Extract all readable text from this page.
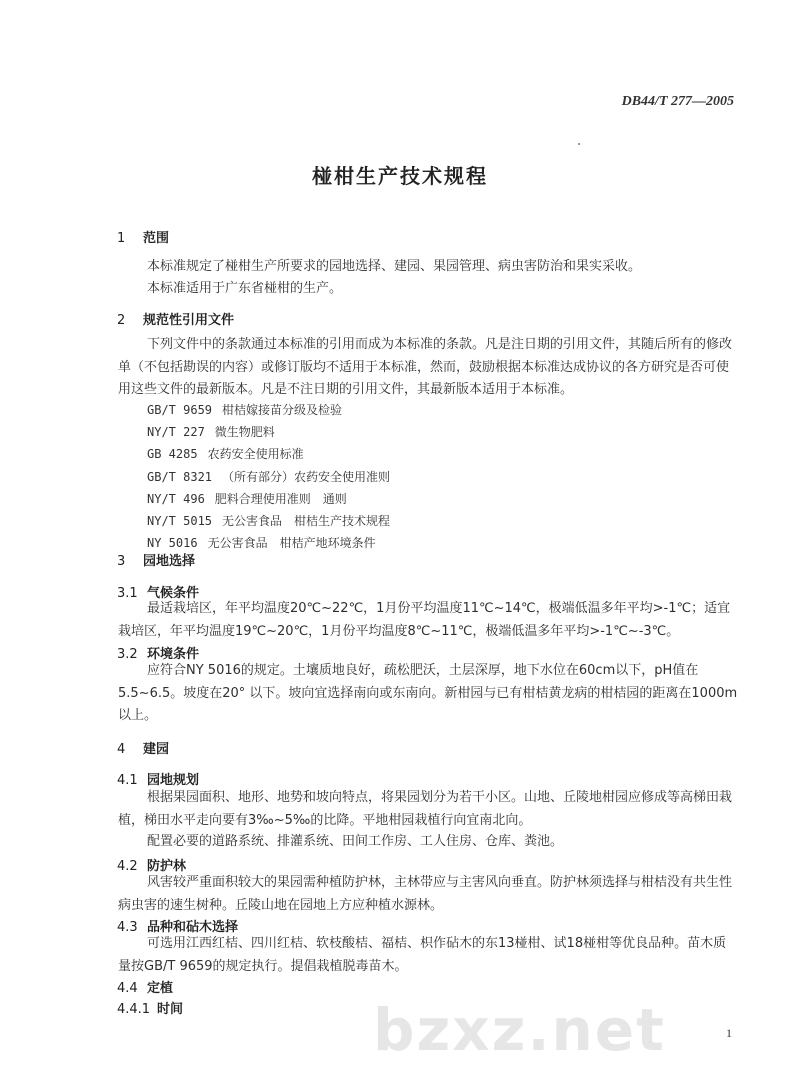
DB44/T 277—2005
椪柑生产技术规程
1 范围
本标准规定了椪柑生产所要求的园地选择、建园、果园管理、病虫害防治和果实采收。
本标准适用于广东省椪柑的生产。
2 规范性引用文件
下列文件中的条款通过本标准的引用而成为本标准的条款。凡是注日期的引用文件，其随后所有的修改单（不包括勘误的内容）或修订版均不适用于本标准，然而，鼓励根据本标准达成协议的各方研究是否可使用这些文件的最新版本。凡是不注日期的引用文件，其最新版本适用于本标准。
GB/T 9659 柑桔嫁接苗分级及检验
NY/T 227 微生物肥料
GB 4285 农药安全使用标准
GB/T 8321 （所有部分）农药安全使用准则
NY/T 496 肥料合理使用准则　通则
NY/T 5015 无公害食品　柑桔生产技术规程
NY 5016 无公害食品　柑桔产地环境条件
3 园地选择
3.1 气候条件
最适栽培区，年平均温度20℃~22℃，1月份平均温度11℃~14℃，极端低温多年平均>-1℃；适宜栽培区，年平均温度19℃~20℃，1月份平均温度8℃~11℃，极端低温多年平均>-1℃~-3℃。
3.2 环境条件
应符合NY 5016的规定。土壤质地良好，疏松肥沃，土层深厚，地下水位在60cm以下，pH值在5.5~6.5。坡度在20° 以下。坡向宜选择南向或东南向。新柑园与已有柑桔黄龙病的柑桔园的距离在1000m以上。
4 建园
4.1 园地规划
根据果园面积、地形、地势和坡向特点，将果园划分为若干小区。山地、丘陵地柑园应修成等高梯田栽植，梯田水平走向要有3‰~5‰的比降。平地柑园栽植行向宜南北向。
配置必要的道路系统、排灌系统、田间工作房、工人住房、仓库、粪池。
4.2 防护林
风害较严重面积较大的果园需种植防护林，主林带应与主害风向垂直。防护林须选择与柑桔没有共生性病虫害的速生树种。丘陵山地在园地上方应种植水源林。
4.3 品种和砧木选择
可选用江西红桔、四川红桔、软枝酸桔、福桔、枳作砧木的东13椪柑、试18椪柑等优良品种。苗木质量按GB/T 9659的规定执行。提倡栽植脱毒苗木。
4.4 定植
4.4.1 时间	bzxz.net	1
